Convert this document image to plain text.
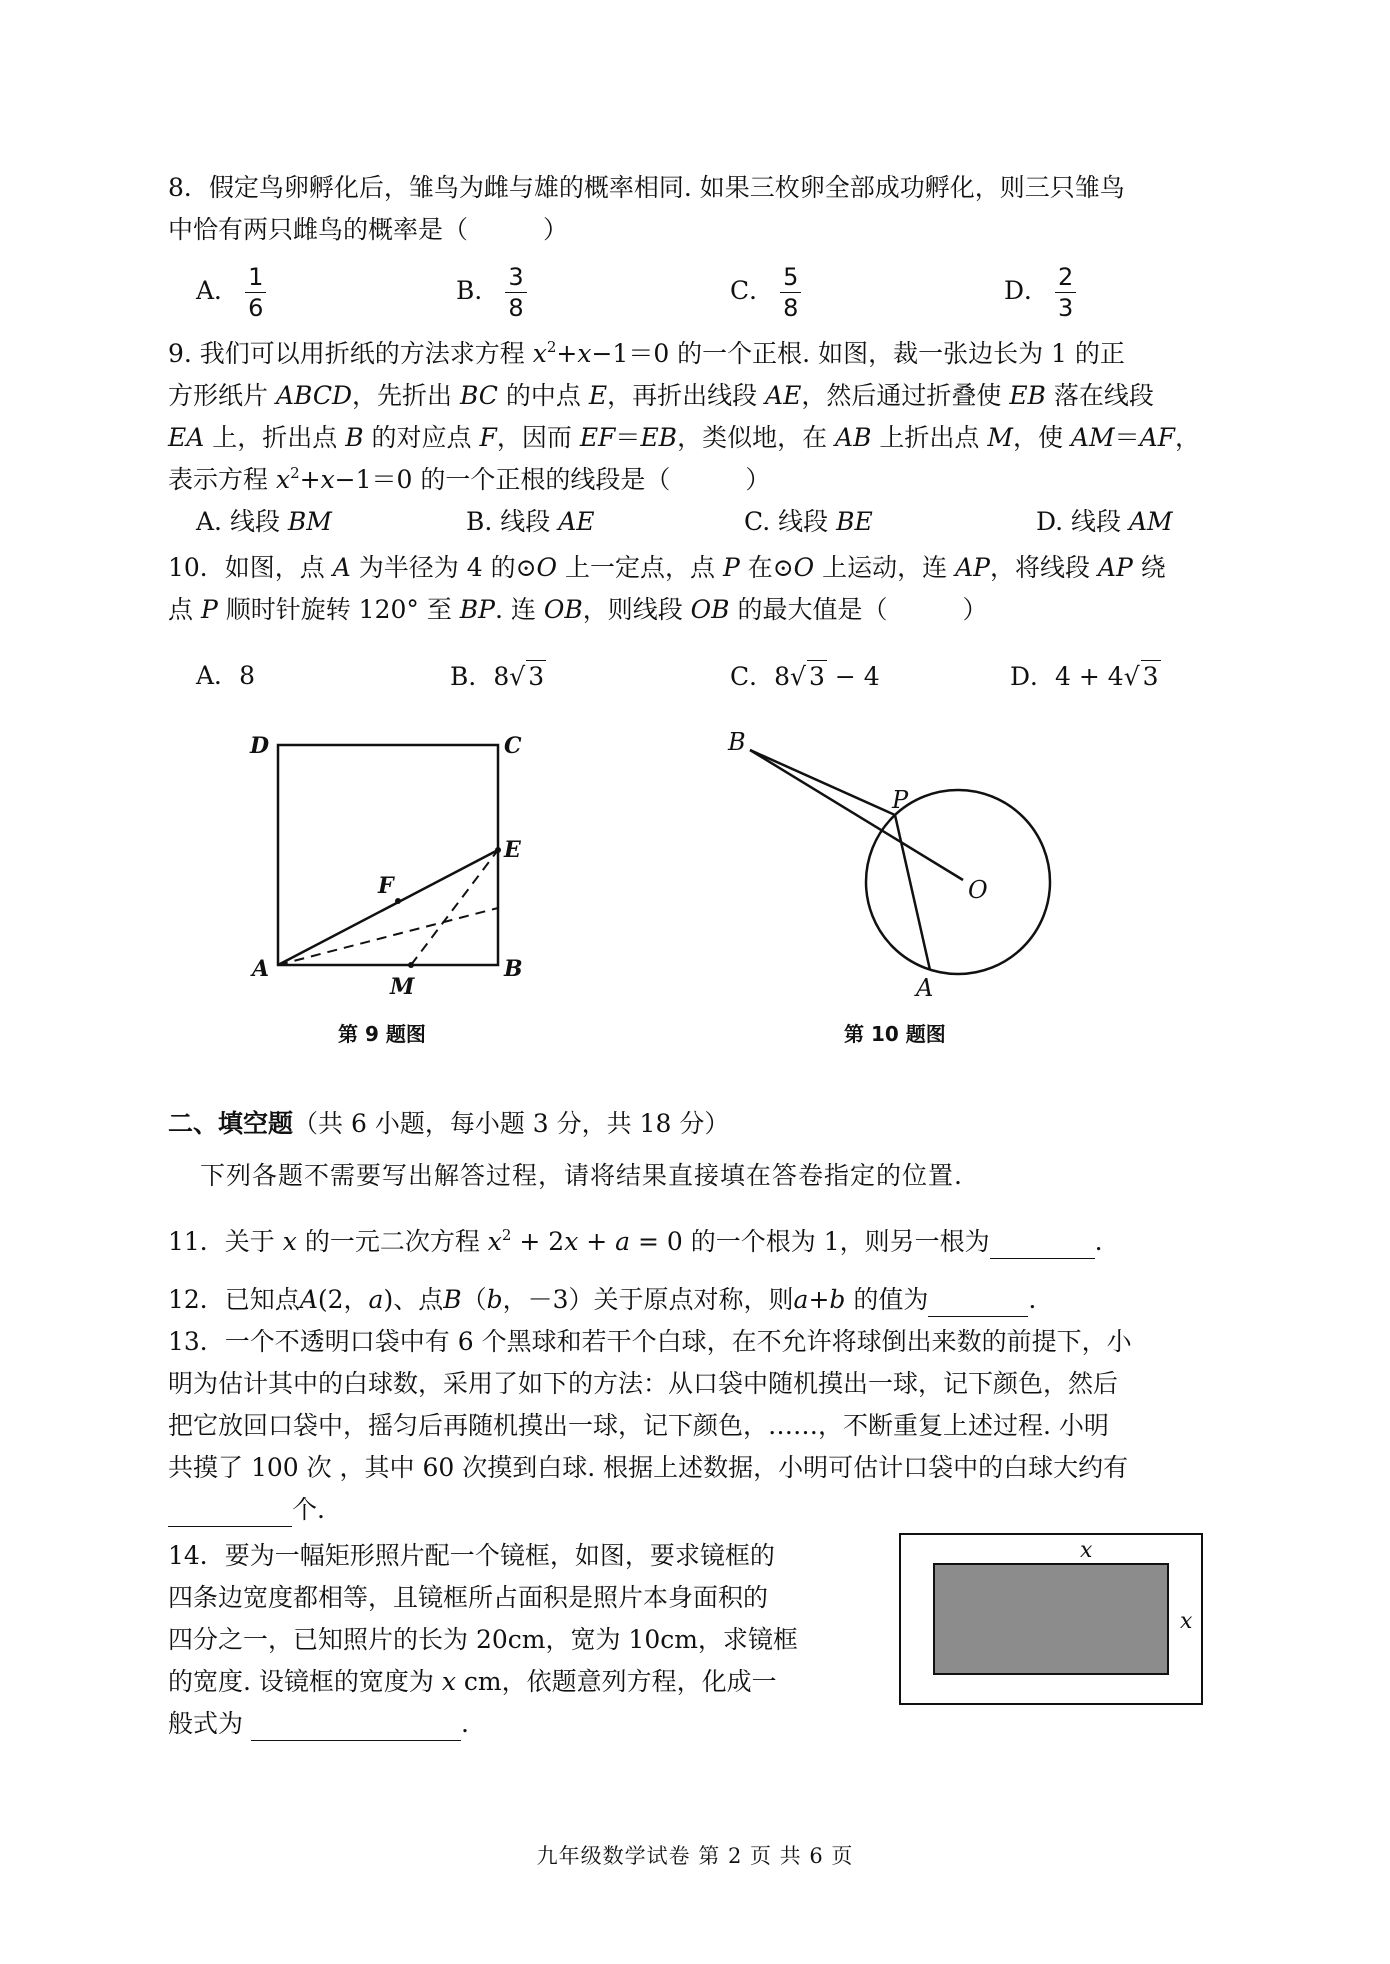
8．假定鸟卵孵化后，雏鸟为雌与雄的概率相同. 如果三枚卵全部成功孵化，则三只雏鸟
中恰有两只雌鸟的概率是（　　　）
A． $\frac{1}{6}$	B． $\frac{3}{8}$	C． $\frac{5}{8}$	D． $\frac{2}{3}$
9. 我们可以用折纸的方法求方程 $x^2+x-1=0$ 的一个正根. 如图，裁一张边长为 1 的正
方形纸片 ABCD，先折出 BC 的中点 E，再折出线段 AE，然后通过折叠使 EB 落在线段
EA 上，折出点 B 的对应点 F，因而 EF＝EB，类似地，在 AB 上折出点 M，使 AM＝AF，
表示方程 $x^2+x-1=0$ 的一个正根的线段是（　　　）
A. 线段 BM	B. 线段 AE	C. 线段 BE	D. 线段 AM
10．如图，点 A 为半径为 4 的⊙O 上一定点，点 P 在⊙O 上运动，连 AP，将线段 AP 绕
点 P 顺时针旋转 120° 至 BP. 连 OB，则线段 OB 的最大值是（　　　）
A．8	B．8√ 3	C．8√ 3 − 4	D．4 + 4√ 3
D	C
E
F
A	B
M
第 9 题图
B
P
O
A
第 10 题图
二、填空题（共 6 小题，每小题 3 分，共 18 分）
下列各题不需要写出解答过程，请将结果直接填在答卷指定的位置.
11．关于 x 的一元二次方程 $x^2 + 2x + a = 0$ 的一个根为 1，则另一根为	.
12．已知点A(2，a)、点B（b，－3）关于原点对称，则a+b 的值为	.
13．一个不透明口袋中有 6 个黑球和若干个白球，在不允许将球倒出来数的前提下，小
明为估计其中的白球数，采用了如下的方法：从口袋中随机摸出一球，记下颜色，然后
把它放回口袋中，摇匀后再随机摸出一球，记下颜色，……，不断重复上述过程. 小明
共摸了 100 次 ，其中 60 次摸到白球. 根据上述数据，小明可估计口袋中的白球大约有
个.
14．要为一幅矩形照片配一个镜框，如图，要求镜框的
四条边宽度都相等，且镜框所占面积是照片本身面积的
四分之一，已知照片的长为 20cm，宽为 10cm，求镜框
的宽度. 设镜框的宽度为 x cm，依题意列方程，化成一
般式为	.
x
x
九年级数学试卷 第 2 页 共 6 页
